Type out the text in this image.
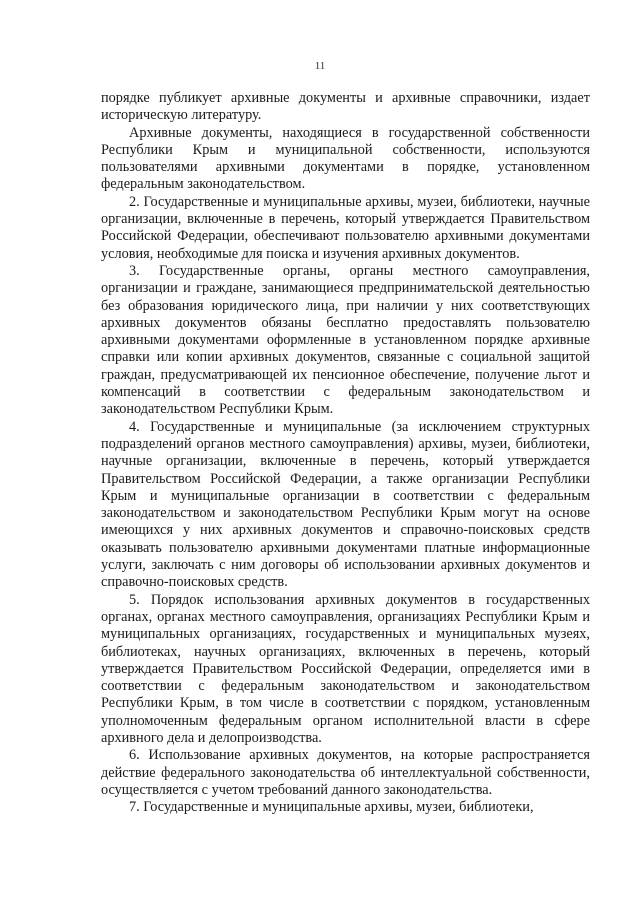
11

порядке публикует архивные документы и архивные справочники, издает историческую литературу.

Архивные документы, находящиеся в государственной собственности Республики Крым и муниципальной собственности, используются пользователями архивными документами в порядке, установленном федеральным законодательством.

2. Государственные и муниципальные архивы, музеи, библиотеки, научные организации, включенные в перечень, который утверждается Правительством Российской Федерации, обеспечивают пользователю архивными документами условия, необходимые для поиска и изучения архивных документов.

3. Государственные органы, органы местного самоуправления, организации и граждане, занимающиеся предпринимательской деятельностью без образования юридического лица, при наличии у них соответствующих архивных документов обязаны бесплатно предоставлять пользователю архивными документами оформленные в установленном порядке архивные справки или копии архивных документов, связанные с социальной защитой граждан, предусматривающей их пенсионное обеспечение, получение льгот и компенсаций в соответствии с федеральным законодательством и законодательством Республики Крым.

4. Государственные и муниципальные (за исключением структурных подразделений органов местного самоуправления) архивы, музеи, библиотеки, научные организации, включенные в перечень, который утверждается Правительством Российской Федерации, а также организации Республики Крым и муниципальные организации в соответствии с федеральным законодательством и законодательством Республики Крым могут на основе имеющихся у них архивных документов и справочно-поисковых средств оказывать пользователю архивными документами платные информационные услуги, заключать с ним договоры об использовании архивных документов и справочно-поисковых средств.

5. Порядок использования архивных документов в государственных органах, органах местного самоуправления, организациях Республики Крым и муниципальных организациях, государственных и муниципальных музеях, библиотеках, научных организациях, включенных в перечень, который утверждается Правительством Российской Федерации, определяется ими в соответствии с федеральным законодательством и законодательством Республики Крым, в том числе в соответствии с порядком, установленным уполномоченным федеральным органом исполнительной власти в сфере архивного дела и делопроизводства.

6. Использование архивных документов, на которые распространяется действие федерального законодательства об интеллектуальной собственности, осуществляется с учетом требований данного законодательства.

7. Государственные и муниципальные архивы, музеи, библиотеки,
